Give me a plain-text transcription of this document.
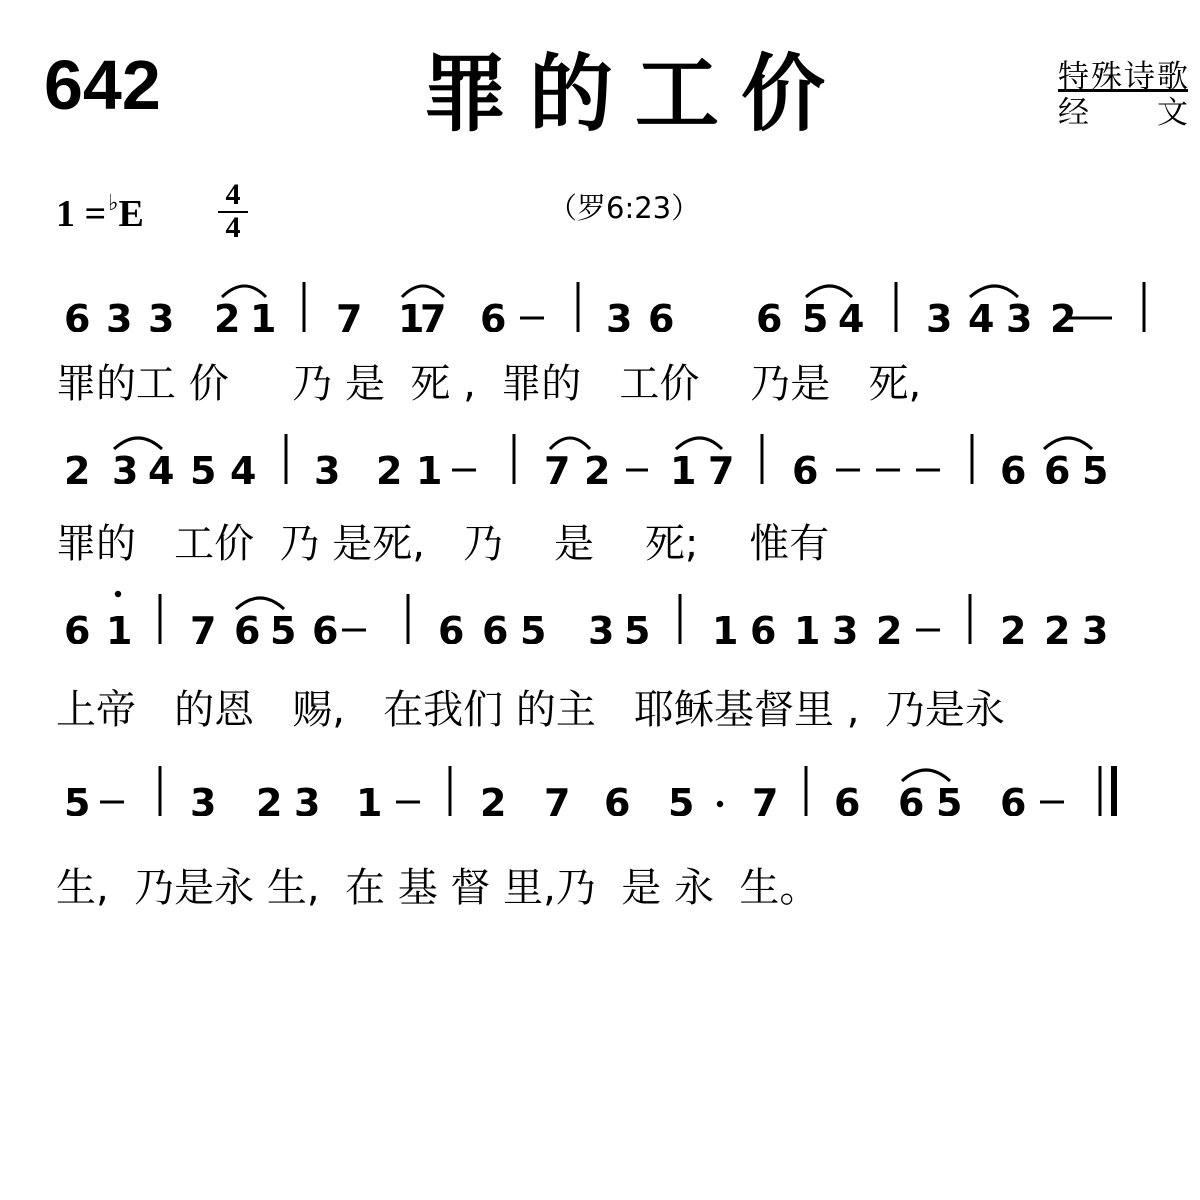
642	罪的工价	特殊诗歌
经文
1 =♭E	4
4
（罗6:23）
6 3 3 2 1 7 1
7 6	3 6 6 5 4 3 4 3 2
罪的工 价     乃 是  死 ,  罪的   工价    乃是   死,
2 3 4 5 4 3 2 1	7 2 1 7 6	6 6 5
罪的   工价  乃 是死,   乃    是    死;    惟有
6 1 7 6 5 6	6 6 5 3 5 1 6 1 3 2	2 2 3
上帝   的恩   赐,   在我们 的主   耶稣基督里 ,  乃是永
5	3 2 3 1	2 7 6 5 7 6 6 5 6
生,  乃是永 生,  在 基 督 里,乃  是 永  生。
